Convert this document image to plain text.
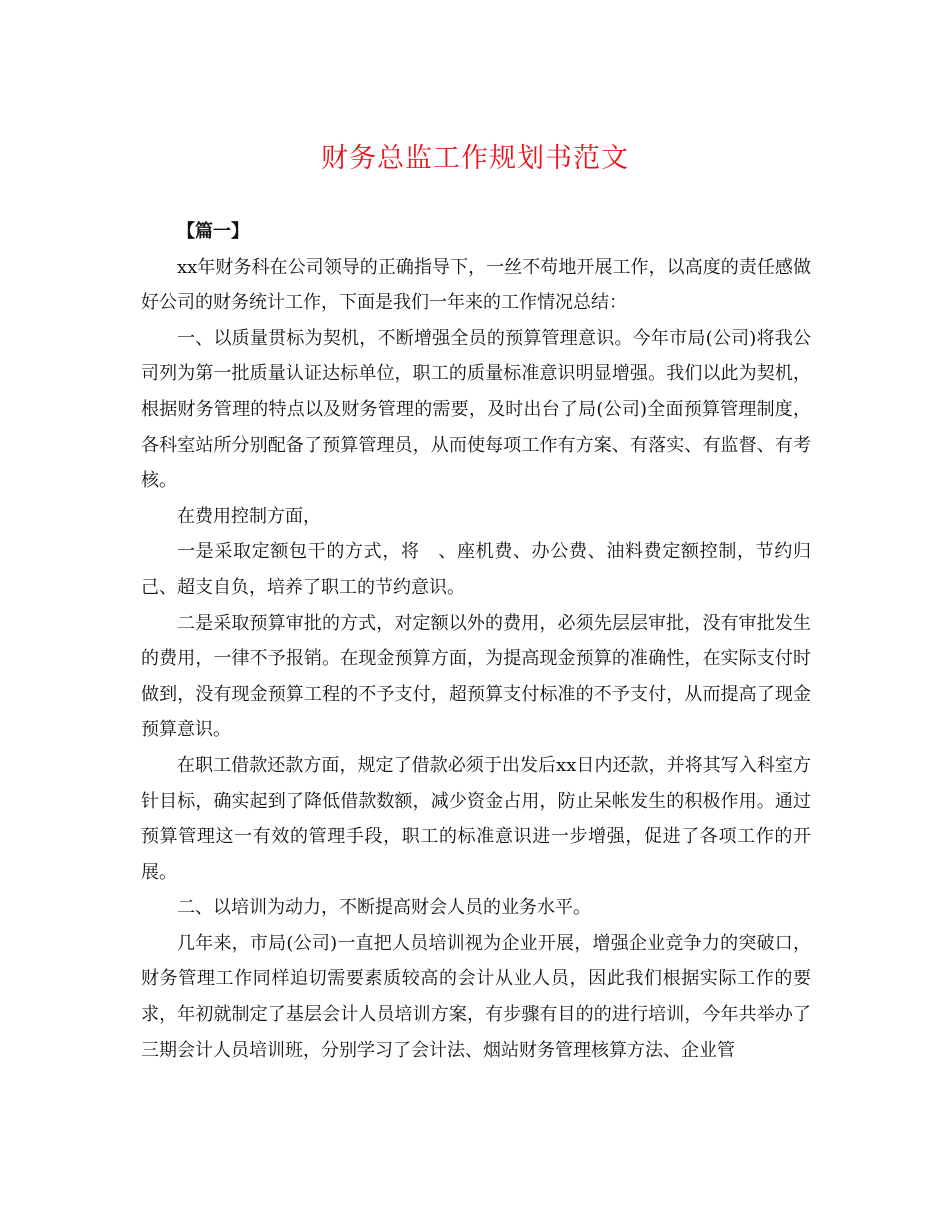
财务总监工作规划书范文

【篇一】

xx年财务科在公司领导的正确指导下，一丝不苟地开展工作，以高度的责任感做好公司的财务统计工作，下面是我们一年来的工作情况总结：

一、以质量贯标为契机，不断增强全员的预算管理意识。今年市局(公司)将我公司列为第一批质量认证达标单位，职工的质量标准意识明显增强。我们以此为契机，根据财务管理的特点以及财务管理的需要，及时出台了局(公司)全面预算管理制度，各科室站所分别配备了预算管理员，从而使每项工作有方案、有落实、有监督、有考核。

在费用控制方面，

一是采取定额包干的方式，将　、座机费、办公费、油料费定额控制，节约归己、超支自负，培养了职工的节约意识。

二是采取预算审批的方式，对定额以外的费用，必须先层层审批，没有审批发生的费用，一律不予报销。在现金预算方面，为提高现金预算的准确性，在实际支付时做到，没有现金预算工程的不予支付，超预算支付标准的不予支付，从而提高了现金预算意识。

在职工借款还款方面，规定了借款必须于出发后xx日内还款，并将其写入科室方针目标，确实起到了降低借款数额，减少资金占用，防止呆帐发生的积极作用。通过预算管理这一有效的管理手段，职工的标准意识进一步增强，促进了各项工作的开展。

二、以培训为动力，不断提高财会人员的业务水平。

几年来，市局(公司)一直把人员培训视为企业开展，增强企业竞争力的突破口，财务管理工作同样迫切需要素质较高的会计从业人员，因此我们根据实际工作的要求，年初就制定了基层会计人员培训方案，有步骤有目的的进行培训，今年共举办了三期会计人员培训班，分别学习了会计法、烟站财务管理核算方法、企业管
